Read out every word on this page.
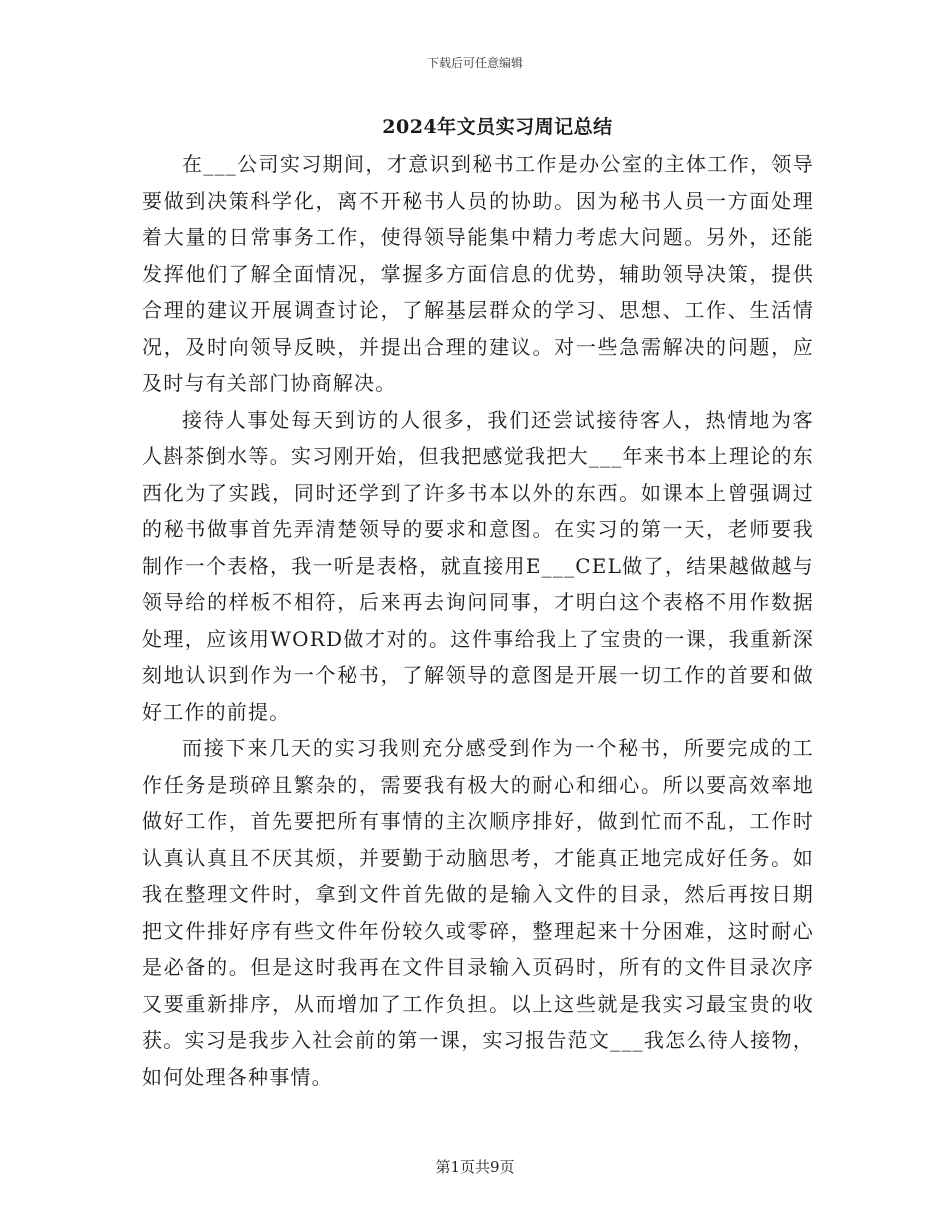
下载后可任意编辑
2024年文员实习周记总结

在___公司实习期间，才意识到秘书工作是办公室的主体工作，领导要做到决策科学化，离不开秘书人员的协助。因为秘书人员一方面处理着大量的日常事务工作，使得领导能集中精力考虑大问题。另外，还能发挥他们了解全面情况，掌握多方面信息的优势，辅助领导决策，提供合理的建议开展调查讨论，了解基层群众的学习、思想、工作、生活情况，及时向领导反映，并提出合理的建议。对一些急需解决的问题，应及时与有关部门协商解决。

接待人事处每天到访的人很多，我们还尝试接待客人，热情地为客人斟茶倒水等。实习刚开始，但我把感觉我把大___年来书本上理论的东西化为了实践，同时还学到了许多书本以外的东西。如课本上曾强调过的秘书做事首先弄清楚领导的要求和意图。在实习的第一天，老师要我制作一个表格，我一听是表格，就直接用E___CEL做了，结果越做越与领导给的样板不相符，后来再去询问同事，才明白这个表格不用作数据处理，应该用WORD做才对的。这件事给我上了宝贵的一课，我重新深刻地认识到作为一个秘书，了解领导的意图是开展一切工作的首要和做好工作的前提。

而接下来几天的实习我则充分感受到作为一个秘书，所要完成的工作任务是琐碎且繁杂的，需要我有极大的耐心和细心。所以要高效率地做好工作，首先要把所有事情的主次顺序排好，做到忙而不乱，工作时认真认真且不厌其烦，并要勤于动脑思考，才能真正地完成好任务。如我在整理文件时，拿到文件首先做的是输入文件的目录，然后再按日期把文件排好序有些文件年份较久或零碎，整理起来十分困难，这时耐心是必备的。但是这时我再在文件目录输入页码时，所有的文件目录次序又要重新排序，从而增加了工作负担。以上这些就是我实习最宝贵的收获。实习是我步入社会前的第一课，实习报告范文___我怎么待人接物，如何处理各种事情。

第1页共9页
